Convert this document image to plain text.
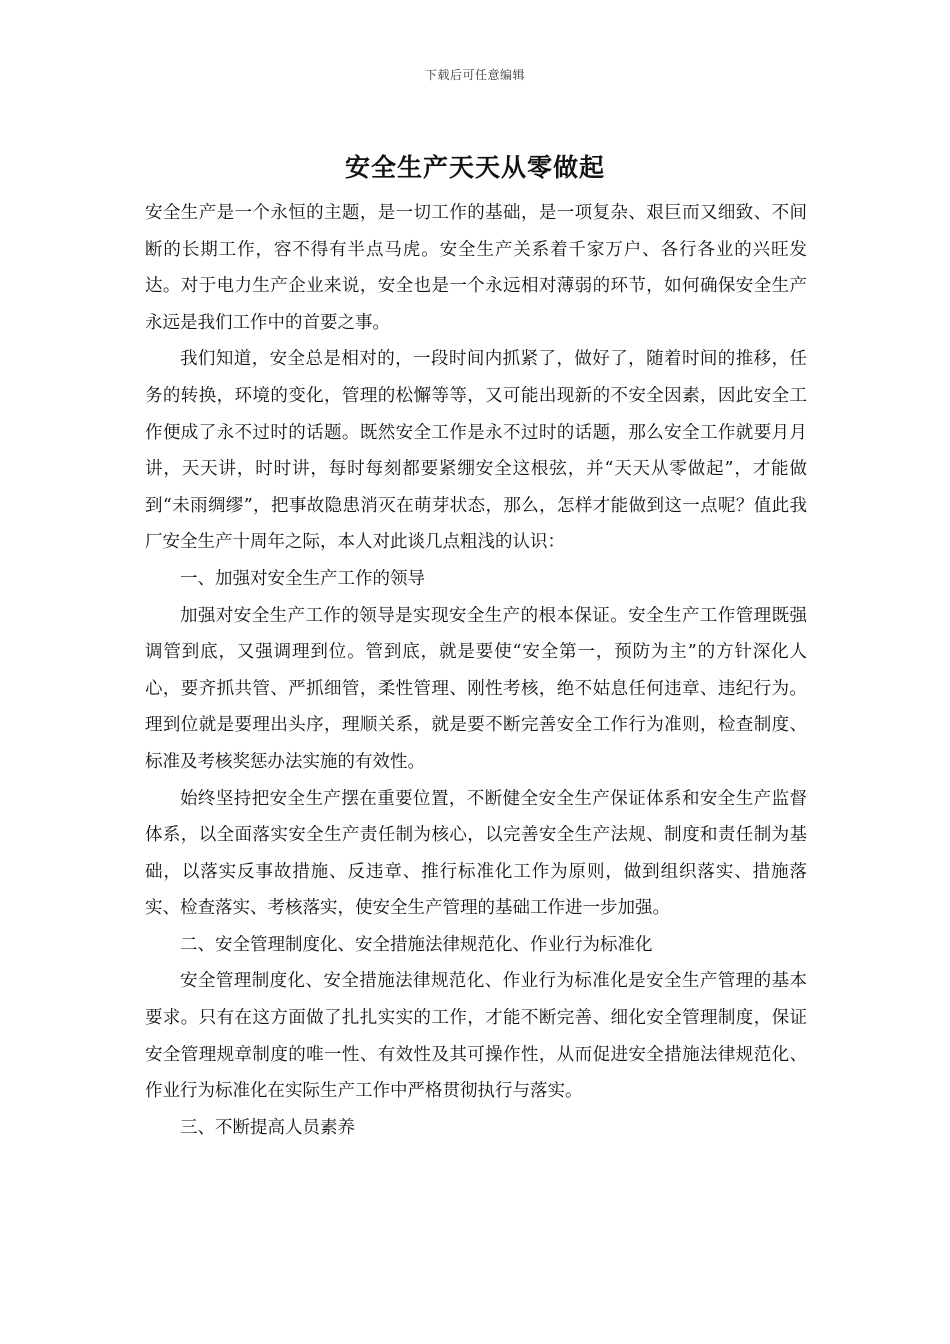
下载后可任意编辑
安全生产天天从零做起

安全生产是一个永恒的主题，是一切工作的基础，是一项复杂、艰巨而又细致、不间断的长期工作，容不得有半点马虎。安全生产关系着千家万户、各行各业的兴旺发达。对于电力生产企业来说，安全也是一个永远相对薄弱的环节，如何确保安全生产永远是我们工作中的首要之事。

我们知道，安全总是相对的，一段时间内抓紧了，做好了，随着时间的推移，任务的转换，环境的变化，管理的松懈等等，又可能出现新的不安全因素，因此安全工作便成了永不过时的话题。既然安全工作是永不过时的话题，那么安全工作就要月月讲，天天讲，时时讲，每时每刻都要紧绷安全这根弦，并“天天从零做起”，才能做到“未雨绸缪”，把事故隐患消灭在萌芽状态，那么，怎样才能做到这一点呢？值此我厂安全生产十周年之际，本人对此谈几点粗浅的认识：

一、加强对安全生产工作的领导

加强对安全生产工作的领导是实现安全生产的根本保证。安全生产工作管理既强调管到底，又强调理到位。管到底，就是要使“安全第一，预防为主”的方针深化人心，要齐抓共管、严抓细管，柔性管理、刚性考核，绝不姑息任何违章、违纪行为。理到位就是要理出头序，理顺关系，就是要不断完善安全工作行为准则，检查制度、标准及考核奖惩办法实施的有效性。

始终坚持把安全生产摆在重要位置，不断健全安全生产保证体系和安全生产监督体系，以全面落实安全生产责任制为核心，以完善安全生产法规、制度和责任制为基础，以落实反事故措施、反违章、推行标准化工作为原则，做到组织落实、措施落实、检查落实、考核落实，使安全生产管理的基础工作进一步加强。

二、安全管理制度化、安全措施法律规范化、作业行为标准化

安全管理制度化、安全措施法律规范化、作业行为标准化是安全生产管理的基本要求。只有在这方面做了扎扎实实的工作，才能不断完善、细化安全管理制度，保证安全管理规章制度的唯一性、有效性及其可操作性，从而促进安全措施法律规范化、作业行为标准化在实际生产工作中严格贯彻执行与落实。

三、不断提高人员素养
